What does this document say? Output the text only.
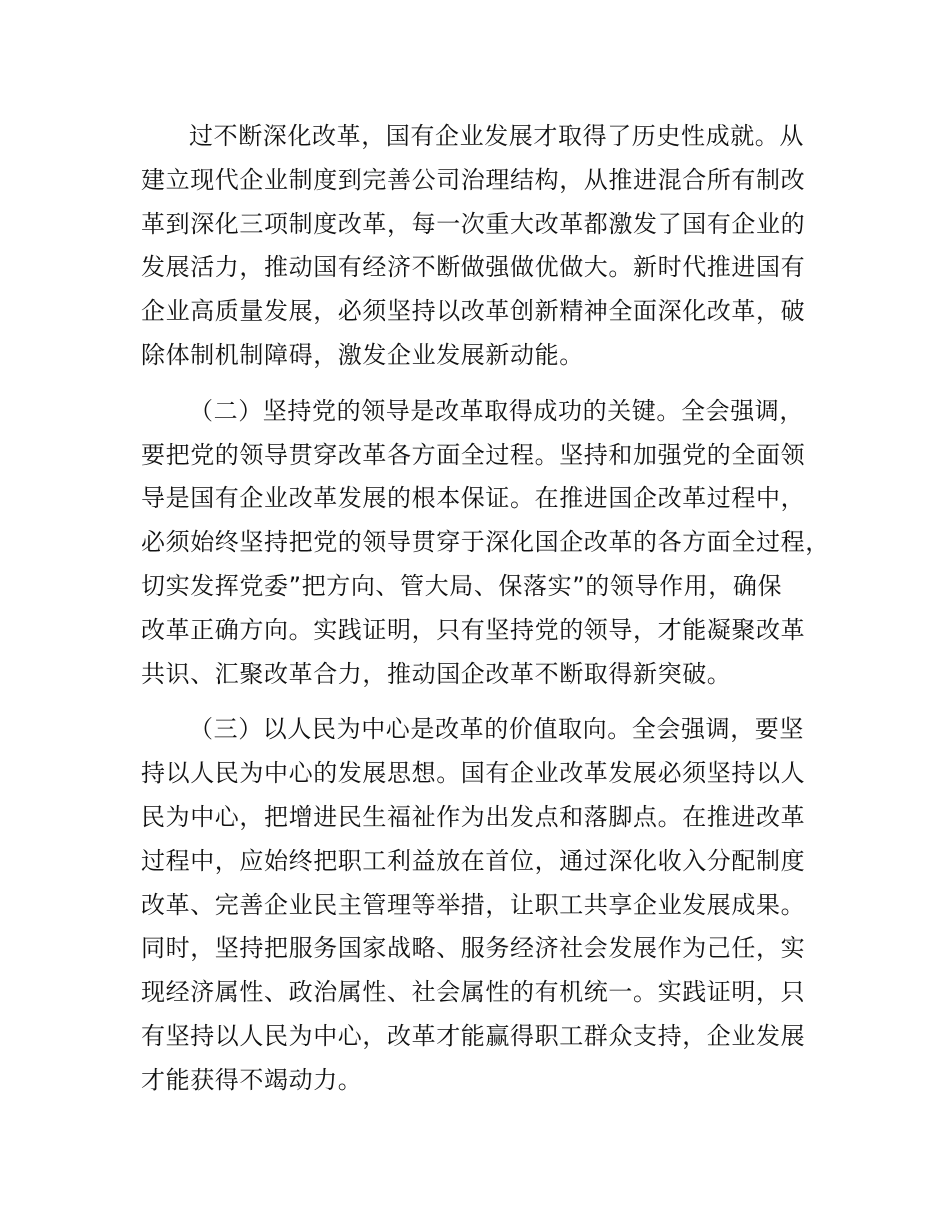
过不断深化改革，国有企业发展才取得了历史性成就。从
建立现代企业制度到完善公司治理结构，从推进混合所有制改
革到深化三项制度改革，每一次重大改革都激发了国有企业的
发展活力，推动国有经济不断做强做优做大。新时代推进国有
企业高质量发展，必须坚持以改革创新精神全面深化改革，破
除体制机制障碍，激发企业发展新动能。
（二）坚持党的领导是改革取得成功的关键。全会强调，
要把党的领导贯穿改革各方面全过程。坚持和加强党的全面领
导是国有企业改革发展的根本保证。在推进国企改革过程中，
必须始终坚持把党的领导贯穿于深化国企改革的各方面全过程，
切实发挥党委”把方向、管大局、保落实”的领导作用，确保
改革正确方向。实践证明，只有坚持党的领导，才能凝聚改革
共识、汇聚改革合力，推动国企改革不断取得新突破。
（三）以人民为中心是改革的价值取向。全会强调，要坚
持以人民为中心的发展思想。国有企业改革发展必须坚持以人
民为中心，把增进民生福祉作为出发点和落脚点。在推进改革
过程中，应始终把职工利益放在首位，通过深化收入分配制度
改革、完善企业民主管理等举措，让职工共享企业发展成果。
同时，坚持把服务国家战略、服务经济社会发展作为己任，实
现经济属性、政治属性、社会属性的有机统一。实践证明，只
有坚持以人民为中心，改革才能赢得职工群众支持，企业发展
才能获得不竭动力。
